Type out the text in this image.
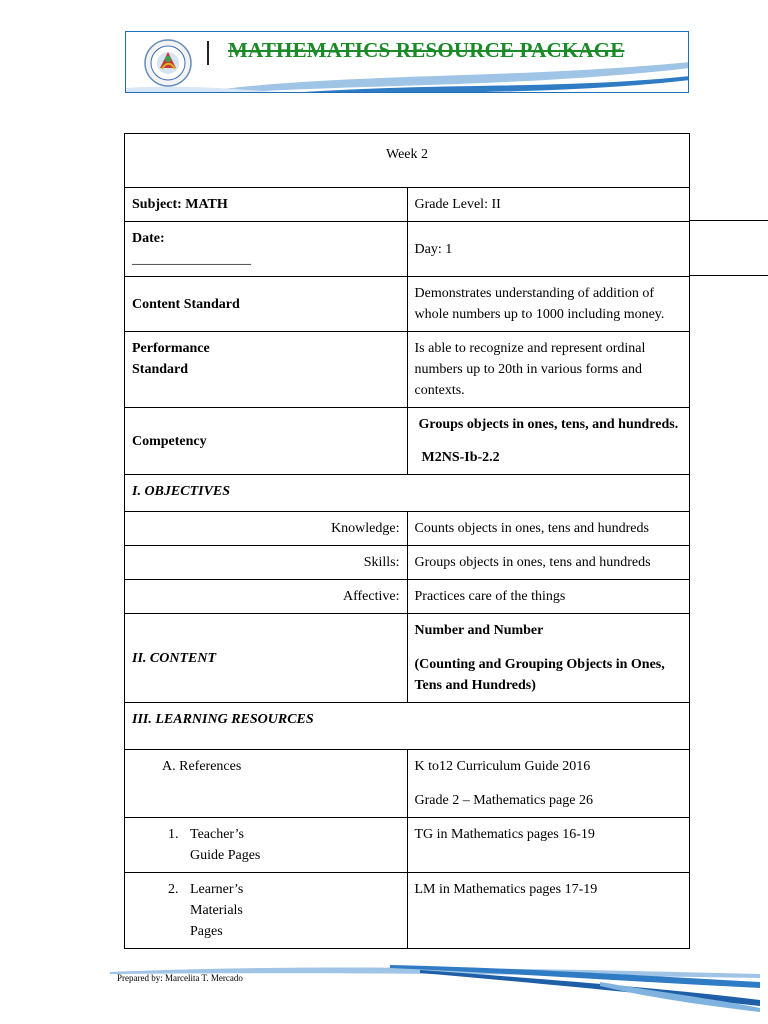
MATHEMATICS RESOURCE PACKAGE
Week 2	
Subject: MATH	Grade Level: II

Date:
_________________	Day: 1
Content Standard	Demonstrates understanding of addition of whole numbers up to 1000 including money.

Performance
Standard	Is able to recognize and represent ordinal numbers up to 20th in various forms and contexts.
Competency	Groups objects in ones, tens, and hundreds.
M2NS-Ib-2.2

I. OBJECTIVES	
Knowledge:	Counts objects in ones, tens and hundreds
Skills:	Groups objects in ones, tens and hundreds
Affective:	Practices care of the things
II. CONTENT	Number and Number
(Counting and Grouping Objects in Ones, Tens and Hundreds)

III. LEARNING RESOURCES	
A. References	K to12 Curriculum Guide 2016
Grade 2 – Mathematics page 26

1. Teacher’s Guide Pages	TG in Mathematics pages 16-19
2. Learner’s Materials Pages	LM in Mathematics pages 17-19
Prepared by: Marcelita T. Mercado
